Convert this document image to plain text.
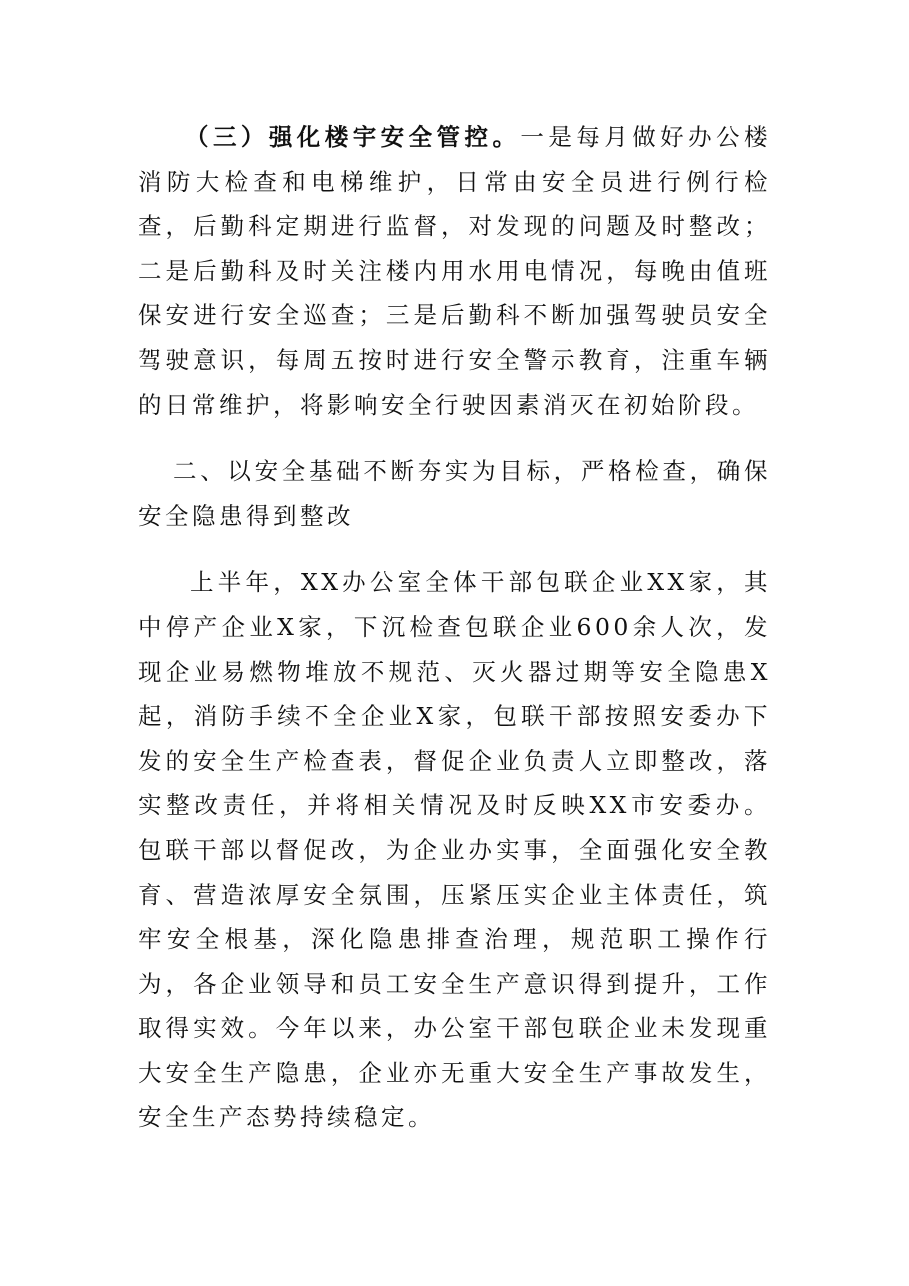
（三）强化楼宇安全管控。一是每月做好办公楼消防大检查和电梯维护，日常由安全员进行例行检查，后勤科定期进行监督，对发现的问题及时整改；二是后勤科及时关注楼内用水用电情况，每晚由值班保安进行安全巡查；三是后勤科不断加强驾驶员安全驾驶意识，每周五按时进行安全警示教育，注重车辆的日常维护，将影响安全行驶因素消灭在初始阶段。

二、以安全基础不断夯实为目标，严格检查，确保安全隐患得到整改

上半年，XX办公室全体干部包联企业XX家，其中停产企业X家，下沉检查包联企业600余人次，发现企业易燃物堆放不规范、灭火器过期等安全隐患X起，消防手续不全企业X家，包联干部按照安委办下发的安全生产检查表，督促企业负责人立即整改，落实整改责任，并将相关情况及时反映XX市安委办。包联干部以督促改，为企业办实事，全面强化安全教育、营造浓厚安全氛围，压紧压实企业主体责任，筑牢安全根基，深化隐患排查治理，规范职工操作行为，各企业领导和员工安全生产意识得到提升，工作取得实效。今年以来，办公室干部包联企业未发现重大安全生产隐患，企业亦无重大安全生产事故发生，安全生产态势持续稳定。
